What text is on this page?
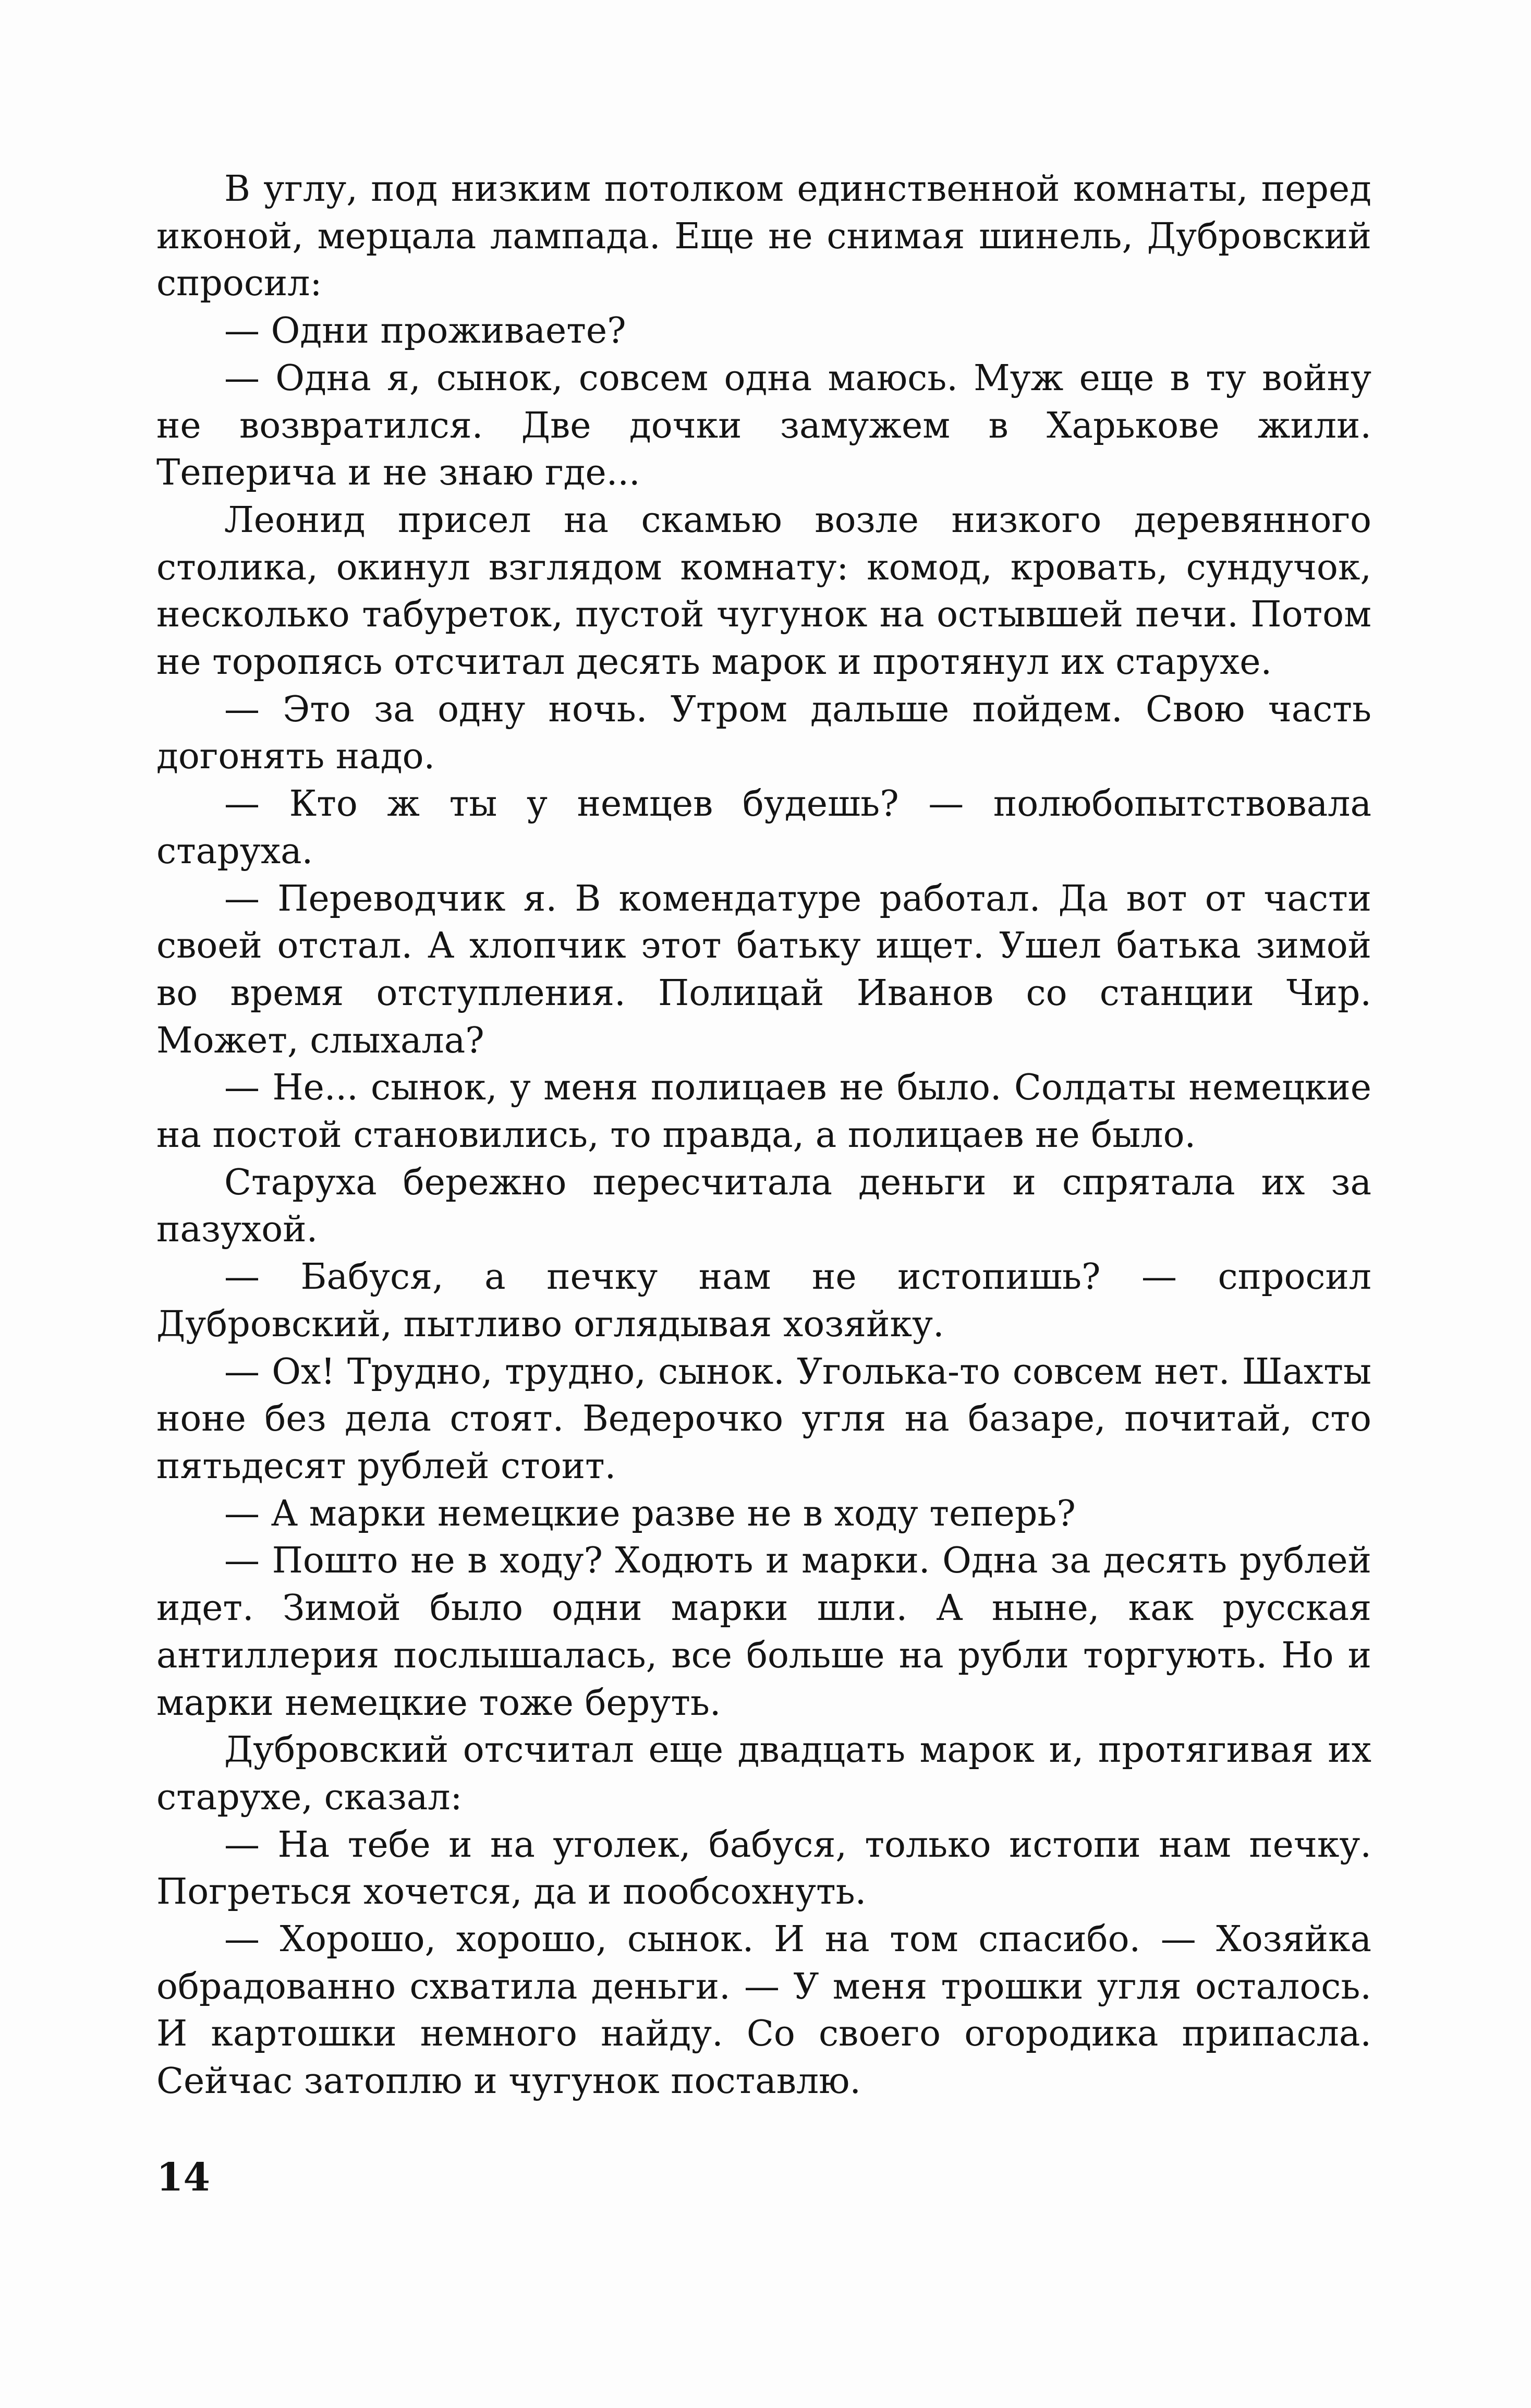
В углу, под низким потолком единственной комнаты, перед иконой, мерцала лампада. Еще не снимая шинель, Дубровский спросил:

— Одни проживаете?

— Одна я, сынок, совсем одна маюсь. Муж еще в ту войну не возвратился. Две дочки замужем в Харькове жили. Теперича и не знаю где...

Леонид присел на скамью возле низкого деревянного столика, окинул взглядом комнату: комод, кровать, сундучок, несколько табуреток, пустой чугунок на остывшей печи. Потом не торопясь отсчитал десять марок и протянул их старухе.

— Это за одну ночь. Утром дальше пойдем. Свою часть догонять надо.

— Кто ж ты у немцев будешь? — полюбопытствовала старуха.

— Переводчик я. В комендатуре работал. Да вот от части своей отстал. А хлопчик этот батьку ищет. Ушел батька зимой во время отступления. Полицай Иванов со станции Чир. Может, слыхала?

— Не... сынок, у меня полицаев не было. Солдаты немецкие на постой становились, то правда, а полицаев не было.

Старуха бережно пересчитала деньги и спрятала их за пазухой.

— Бабуся, а печку нам не истопишь? — спросил Дубровский, пытливо оглядывая хозяйку.

— Ох! Трудно, трудно, сынок. Уголька-то совсем нет. Шахты ноне без дела стоят. Ведерочко угля на базаре, почитай, сто пятьдесят рублей стоит.

— А марки немецкие разве не в ходу теперь?

— Пошто не в ходу? Ходють и марки. Одна за десять рублей идет. Зимой было одни марки шли. А ныне, как русская антиллерия послышалась, все больше на рубли торгують. Но и марки немецкие тоже беруть.

Дубровский отсчитал еще двадцать марок и, протягивая их старухе, сказал:

— На тебе и на уголек, бабуся, только истопи нам печку. Погреться хочется, да и пообсохнуть.

— Хорошо, хорошо, сынок. И на том спасибо. — Хозяйка обрадованно схватила деньги. — У меня трошки угля осталось. И картошки немного найду. Со своего огородика припасла. Сейчас затоплю и чугунок поставлю.

14
